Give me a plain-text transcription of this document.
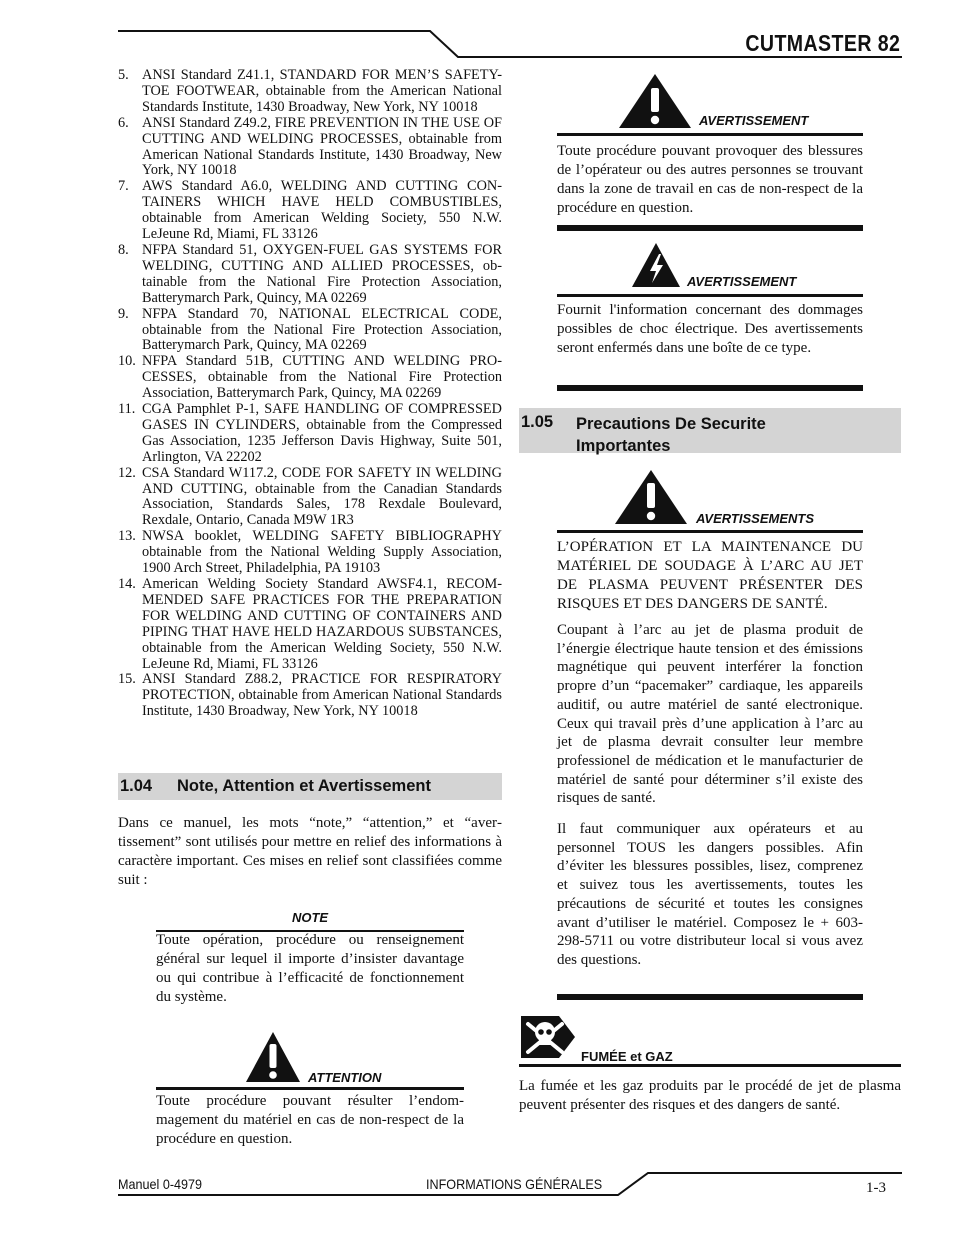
CUTMASTER 82
5. ANSI Standard Z41.1, STANDARD FOR MEN’S SAFETY-TOE FOOTWEAR, obtainable from the American National Standards Institute, 1430 Broadway, New York, NY 10018
6. ANSI Standard Z49.2, FIRE PREVENTION IN THE USE OF CUTTING AND WELDING PROCESSES, obtainable from American National Standards Institute, 1430 Broadway, New York, NY 10018
7. AWS Standard A6.0, WELDING AND CUTTING CONTAINERS WHICH HAVE HELD COMBUSTIBLES, obtainable from American Welding Society, 550 N.W. LeJeune Rd, Miami, FL 33126
8. NFPA Standard 51, OXYGEN-FUEL GAS SYSTEMS FOR WELDING, CUTTING AND ALLIED PROCESSES, obtainable from the National Fire Protection Association, Batterymarch Park, Quincy, MA 02269
9. NFPA Standard 70, NATIONAL ELECTRICAL CODE, obtainable from the National Fire Protection Association, Batterymarch Park, Quincy, MA 02269
10. NFPA Standard 51B, CUTTING AND WELDING PROCESSES, obtainable from the National Fire Protection Association, Batterymarch Park, Quincy, MA 02269
11. CGA Pamphlet P-1, SAFE HANDLING OF COMPRESSED GASES IN CYLINDERS, obtainable from the Compressed Gas Association, 1235 Jefferson Davis Highway, Suite 501, Arlington, VA 22202
12. CSA Standard W117.2, CODE FOR SAFETY IN WELDING AND CUTTING, obtainable from the Canadian Standards Association, Standards Sales, 178 Rexdale Boulevard, Rexdale, Ontario, Canada M9W 1R3
13. NWSA booklet, WELDING SAFETY BIBLIOGRAPHY obtainable from the National Welding Supply Association, 1900 Arch Street, Philadelphia, PA 19103
14. American Welding Society Standard AWSF4.1, RECOMMENDED SAFE PRACTICES FOR THE PREPARATION FOR WELDING AND CUTTING OF CONTAINERS AND PIPING THAT HAVE HELD HAZARDOUS SUBSTANCES, obtainable from the American Welding Society, 550 N.W. LeJeune Rd, Miami, FL 33126
15. ANSI Standard Z88.2, PRACTICE FOR RESPIRATORY PROTECTION, obtainable from American National Standards Institute, 1430 Broadway, New York, NY 10018
1.04 Note, Attention et Avertissement
Dans ce manuel, les mots “note,” “attention,” et “avertissement” sont utilisés pour mettre en relief des informations à caractère important. Ces mises en relief sont classifiées comme suit :
NOTE
Toute opération, procédure ou renseignement général sur lequel il importe d’insister davantage ou qui contribue à l’efficacité de fonctionnement du système.
ATTENTION
Toute procédure pouvant résulter l’endommagement du matériel en cas de non-respect de la procédure en question.
AVERTISSEMENT
Toute procédure pouvant provoquer des blessures de l’opérateur ou des autres personnes se trouvant dans la zone de travail en cas de non-respect de la procédure en question.
AVERTISSEMENT
Fournit l'information concernant des dommages possibles de choc électrique. Des avertissements seront enfermés dans une boîte de ce type.
1.05 Precautions De Securite
Importantes
AVERTISSEMENTS
L’OPÉRATION ET LA MAINTENANCE DU MATÉRIEL DE SOUDAGE À L’ARC AU JET DE PLASMA PEUVENT PRÉSENTER DES RISQUES ET DES DANGERS DE SANTÉ.
Coupant à l’arc au jet de plasma produit de l’énergie électrique haute tension et des émissions magnétique qui peuvent interférer la fonction propre d’un “pacemaker” cardiaque, les appareils auditif, ou autre matériel de santé electronique. Ceux qui travail près d’une application à l’arc au jet de plasma devrait consulter leur membre professionel de médication et le manufacturier de matériel de santé pour déterminer s’il existe des risques de santé.
Il faut communiquer aux opérateurs et au personnel TOUS les dangers possibles. Afin d’éviter les blessures possibles, lisez, comprenez et suivez tous les avertissements, toutes les précautions de sécurité et toutes les consignes avant d’utiliser le matériel. Composez le + 603-298-5711 ou votre distributeur local si vous avez des questions.
FUMÉE et GAZ
La fumée et les gaz produits par le procédé de jet de plasma peuvent présenter des risques et des dangers de santé.
Manuel 0-4979	INFORMATIONS GÉNÉRALES	1-3
